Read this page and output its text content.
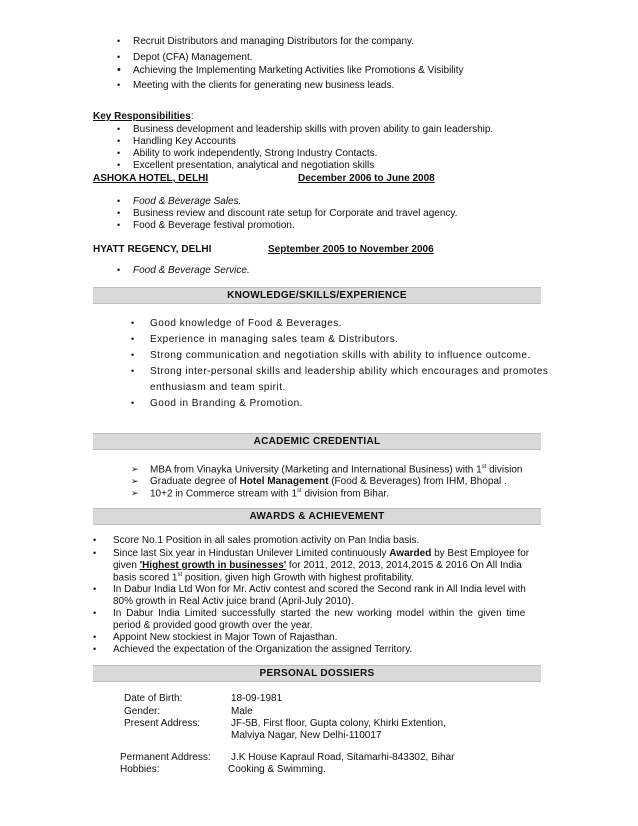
• Recruit Distributors and managing Distributors for the company.
• Depot (CFA) Management.
• Achieving the Implementing Marketing Activities like Promotions & Visibility
• Meeting with the clients for generating new business leads.
Key Responsibilities:
• Business development and leadership skills with proven ability to gain leadership.
• Handling Key Accounts
• Ability to work independently, Strong Industry Contacts.
• Excellent presentation, analytical and negotiation skills
ASHOKA HOTEL, DELHI	December 2006 to June 2008
• Food & Beverage Sales.
• Business review and discount rate setup for Corporate and travel agency.
• Food & Beverage festival promotion.
HYATT REGENCY, DELHI	September 2005 to November 2006
• Food & Beverage Service.
KNOWLEDGE/SKILLS/EXPERIENCE
• Good knowledge of Food & Beverages.
• Experience in managing sales team & Distributors.
• Strong communication and negotiation skills with ability to influence outcome.
• Strong inter-personal skills and leadership ability which encourages and promotes
enthusiasm and team spirit.
• Good in Branding & Promotion.
ACADEMIC CREDENTIAL
➢ MBA from Vinayka University (Marketing and International Business) with 1st division
➢ Graduate degree of Hotel Management (Food & Beverages) from IHM, Bhopal .
➢ 10+2 in Commerce stream with 1st division from Bihar.
AWARDS & ACHIEVEMENT
• Score No.1 Position in all sales promotion activity on Pan India basis.
• Since last Six year in Hindustan Unilever Limited continuously Awarded by Best Employee for
given 'Highest growth in businesses' for 2011, 2012, 2013, 2014,2015 & 2016 On All India
basis scored 1st position, given high Growth with highest profitability.
• In Dabur India Ltd Won for Mr. Activ contest and scored the Second rank in All India level with
80% growth in Real Activ juice brand (April-July 2010).
• In Dabur India Limited successfully started the new working model within the given time
period & provided good growth over the year.
• Appoint New stockiest in Major Town of Rajasthan.
• Achieved the expectation of the Organization the assigned Territory.
PERSONAL DOSSIERS
Date of Birth:	18-09-1981
Gender:	Male
Present Address:	JF-5B, First floor, Gupta colony, Khirki Extention,
Malviya Nagar, New Delhi-110017
Permanent Address: J.K House Kapraul Road, Sitamarhi-843302, Bihar
Hobbies:	Cooking & Swimming.
